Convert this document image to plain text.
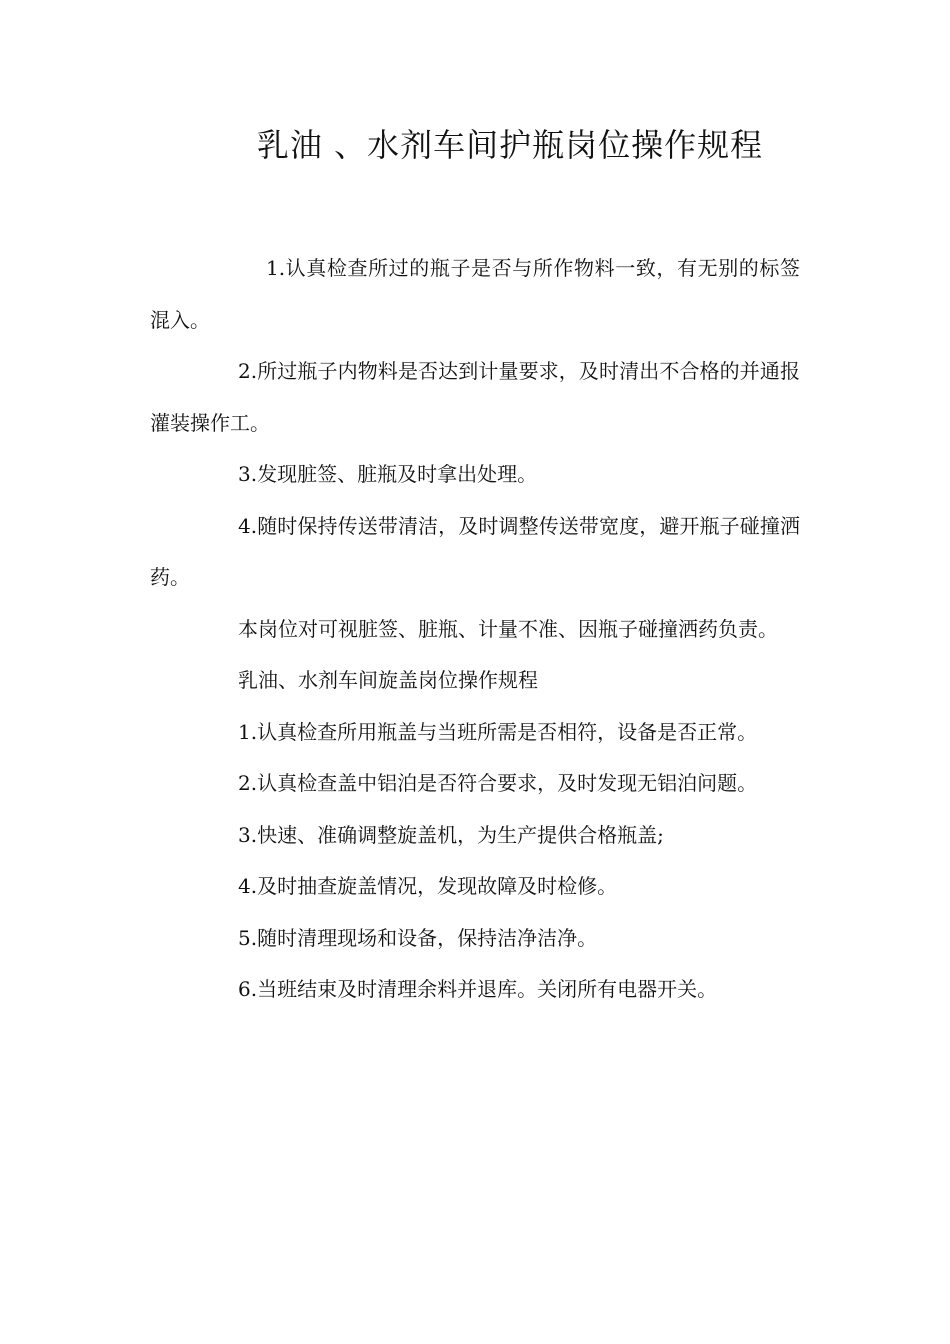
乳油 、水剂车间护瓶岗位操作规程

1.认真检查所过的瓶子是否与所作物料一致，有无别的标签混入。

2.所过瓶子内物料是否达到计量要求，及时清出不合格的并通报灌装操作工。

3.发现脏签、脏瓶及时拿出处理。

4.随时保持传送带清洁，及时调整传送带宽度，避开瓶子碰撞洒药。

本岗位对可视脏签、脏瓶、计量不准、因瓶子碰撞洒药负责。

乳油、水剂车间旋盖岗位操作规程

1.认真检查所用瓶盖与当班所需是否相符，设备是否正常。

2.认真检查盖中铝泊是否符合要求，及时发现无铝泊问题。

3.快速、准确调整旋盖机，为生产提供合格瓶盖;

4.及时抽查旋盖情况，发现故障及时检修。

5.随时清理现场和设备，保持洁净洁净。

6.当班结束及时清理余料并退库。关闭所有电器开关。
